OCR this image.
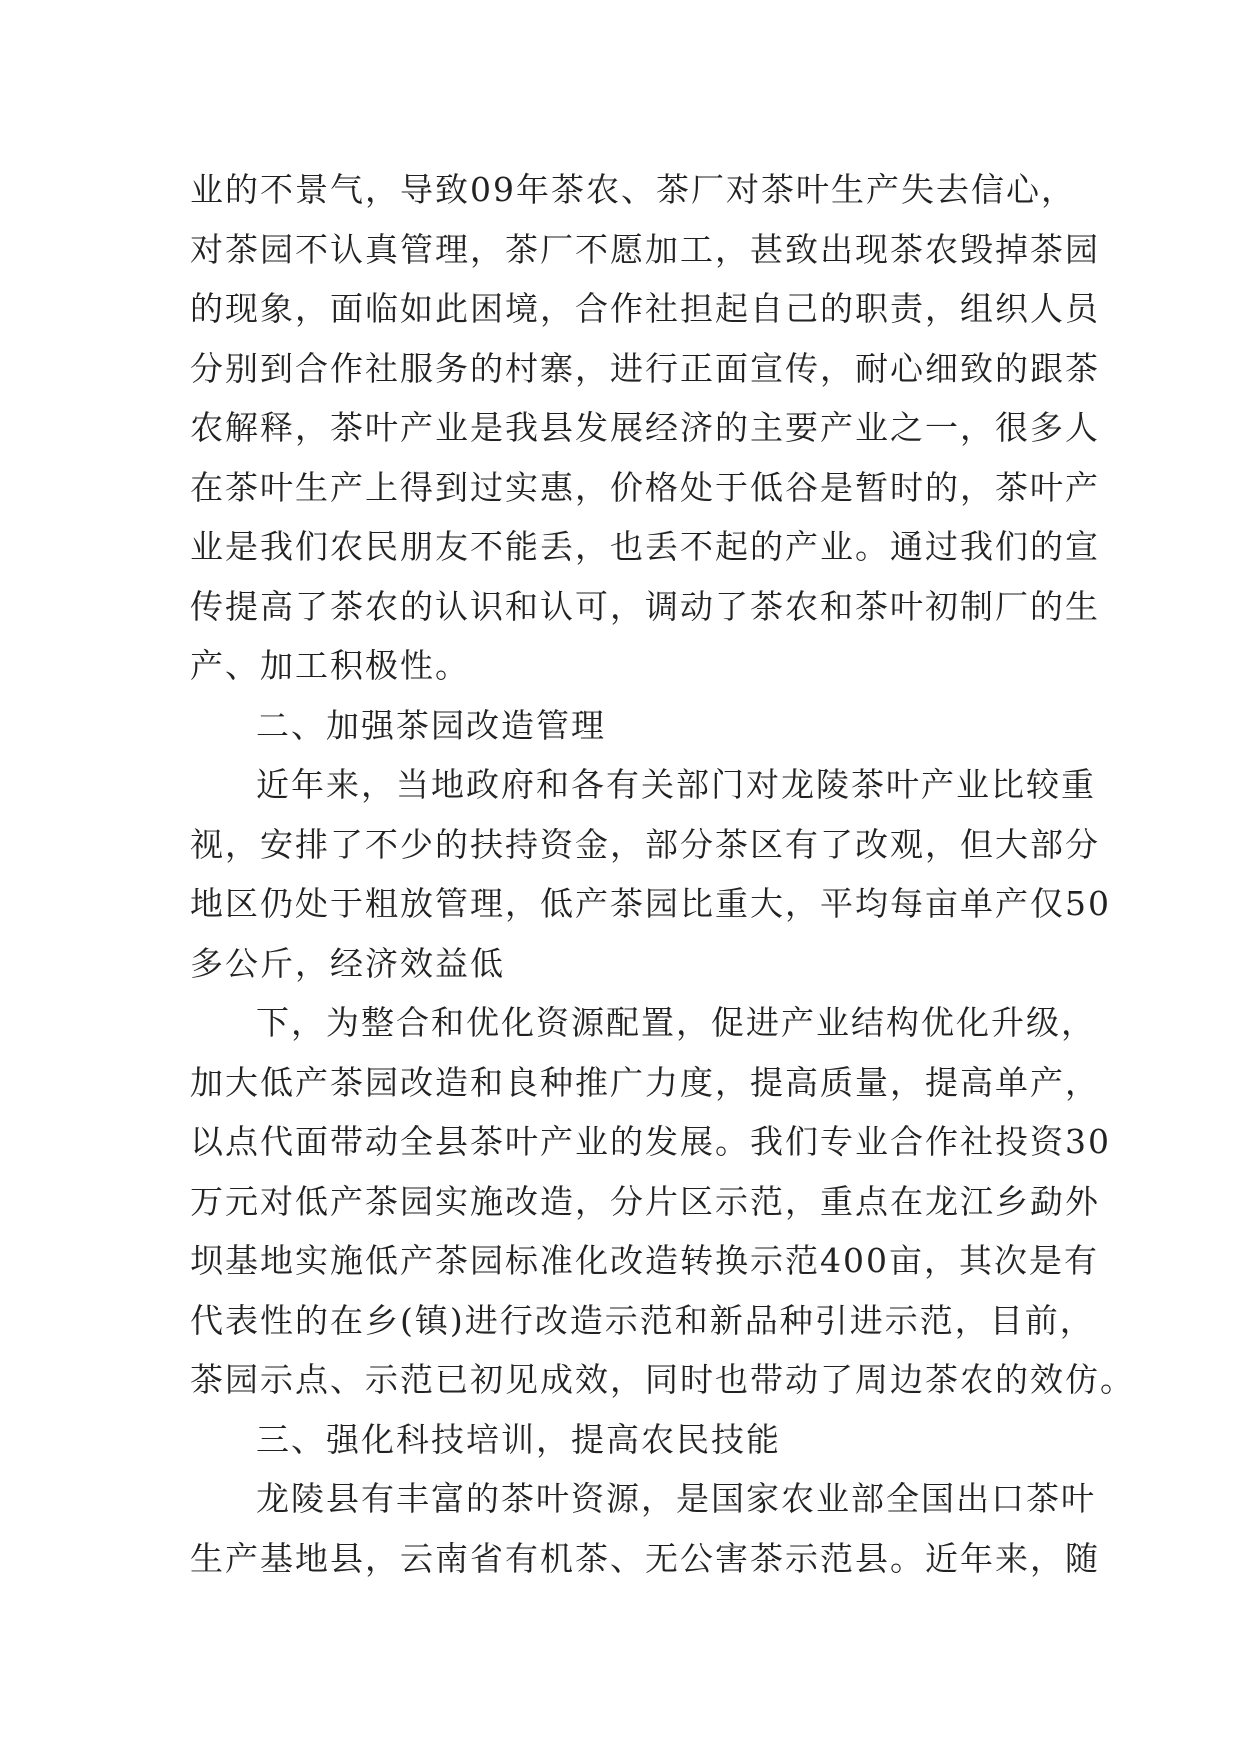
业的不景气，导致09年茶农、茶厂对茶叶生产失去信心，
对茶园不认真管理，茶厂不愿加工，甚致出现茶农毁掉茶园
的现象，面临如此困境，合作社担起自己的职责，组织人员
分别到合作社服务的村寨，进行正面宣传，耐心细致的跟茶
农解释，茶叶产业是我县发展经济的主要产业之一，很多人
在茶叶生产上得到过实惠，价格处于低谷是暂时的，茶叶产
业是我们农民朋友不能丢，也丢不起的产业。通过我们的宣
传提高了茶农的认识和认可，调动了茶农和茶叶初制厂的生
产、加工积极性。
二、加强茶园改造管理
近年来，当地政府和各有关部门对龙陵茶叶产业比较重
视，安排了不少的扶持资金，部分茶区有了改观，但大部分
地区仍处于粗放管理，低产茶园比重大，平均每亩单产仅50
多公斤，经济效益低
下，为整合和优化资源配置，促进产业结构优化升级，
加大低产茶园改造和良种推广力度，提高质量，提高单产，
以点代面带动全县茶叶产业的发展。我们专业合作社投资30
万元对低产茶园实施改造，分片区示范，重点在龙江乡勐外
坝基地实施低产茶园标准化改造转换示范400亩，其次是有
代表性的在乡(镇)进行改造示范和新品种引进示范，目前，
茶园示点、示范已初见成效，同时也带动了周边茶农的效仿。
三、强化科技培训，提高农民技能
龙陵县有丰富的茶叶资源，是国家农业部全国出口茶叶
生产基地县，云南省有机茶、无公害茶示范县。近年来，随
